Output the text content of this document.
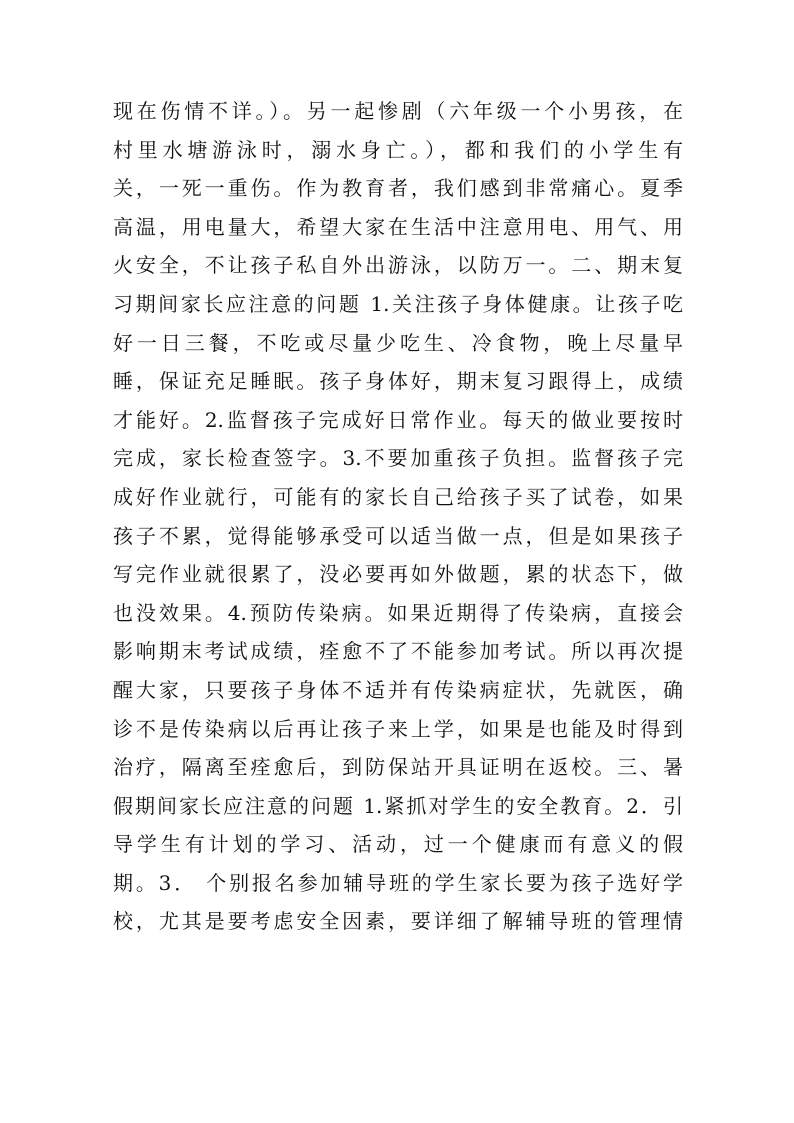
现在伤情不详。）。另一起惨剧（六年级一个小男孩，在
村里水塘游泳时，溺水身亡。），都和我们的小学生有
关，一死一重伤。作为教育者，我们感到非常痛心。夏季
高温，用电量大，希望大家在生活中注意用电、用气、用
火安全，不让孩子私自外出游泳，以防万一。二、期末复
习期间家长应注意的问题 1.关注孩子身体健康。让孩子吃
好一日三餐，不吃或尽量少吃生、冷食物，晚上尽量早
睡，保证充足睡眠。孩子身体好，期末复习跟得上，成绩
才能好。2.监督孩子完成好日常作业。每天的做业要按时
完成，家长检查签字。3.不要加重孩子负担。监督孩子完
成好作业就行，可能有的家长自己给孩子买了试卷，如果
孩子不累，觉得能够承受可以适当做一点，但是如果孩子
写完作业就很累了，没必要再如外做题，累的状态下，做
也没效果。4.预防传染病。如果近期得了传染病，直接会
影响期末考试成绩，痊愈不了不能参加考试。所以再次提
醒大家，只要孩子身体不适并有传染病症状，先就医，确
诊不是传染病以后再让孩子来上学，如果是也能及时得到
治疗，隔离至痊愈后，到防保站开具证明在返校。三、暑
假期间家长应注意的问题 1.紧抓对学生的安全教育。2．引
导学生有计划的学习、活动，过一个健康而有意义的假
期。3． 个别报名参加辅导班的学生家长要为孩子选好学
校，尤其是要考虑安全因素，要详细了解辅导班的管理情
